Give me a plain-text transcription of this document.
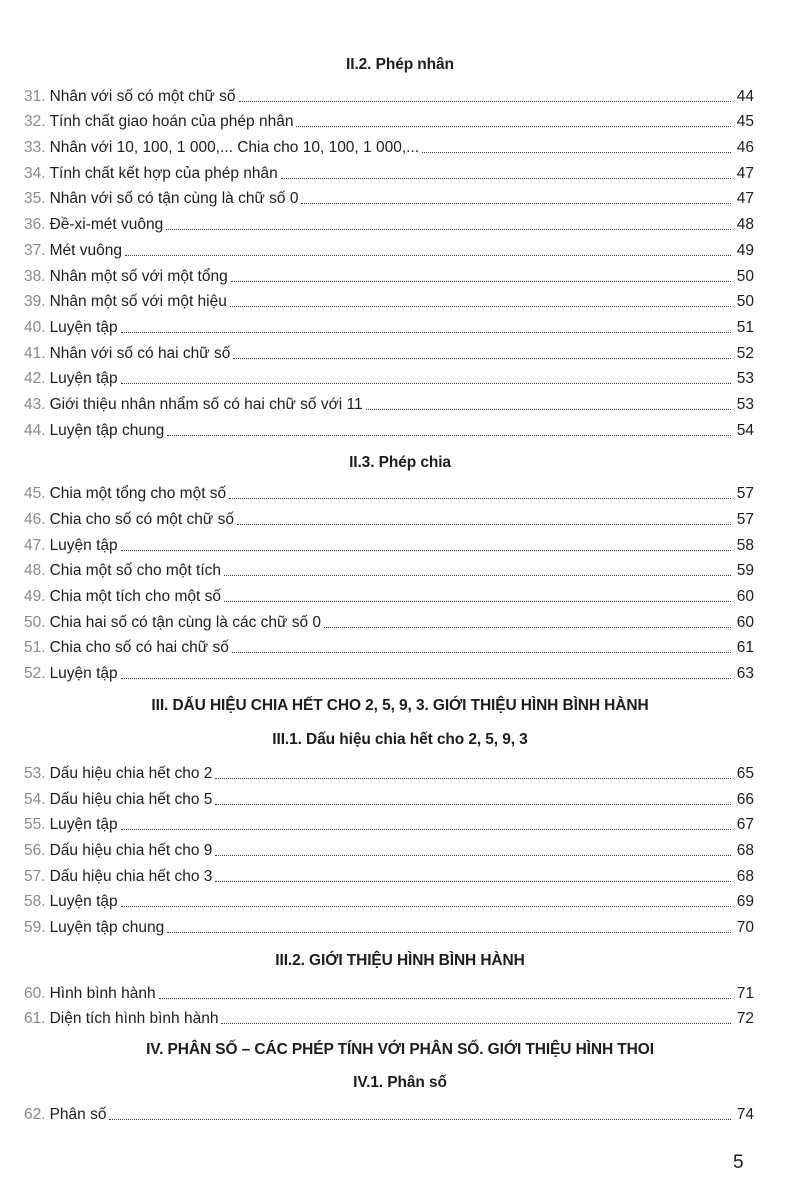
II.2. Phép nhân
31. Nhân với số có một chữ số	44
32. Tính chất giao hoán của phép nhân	45
33. Nhân với 10, 100, 1 000,... Chia cho 10, 100, 1 000,...	46
34. Tính chất kết hợp của phép nhân	47
35. Nhân với số có tận cùng là chữ số 0	47
36. Đề-xi-mét vuông	48
37. Mét vuông	49
38. Nhân một số với một tổng	50
39. Nhân một số với một hiệu	50
40. Luyện tập	51
41. Nhân với số có hai chữ số	52
42. Luyện tập	53
43. Giới thiệu nhân nhẩm số có hai chữ số với 11	53
44. Luyện tập chung	54
II.3. Phép chia
45. Chia một tổng cho một số	57
46. Chia cho số có một chữ số	57
47. Luyện tập	58
48. Chia một số cho một tích	59
49. Chia một tích cho một số	60
50. Chia hai số có tận cùng là các chữ số 0	60
51. Chia cho số có hai chữ số	61
52. Luyện tập	63
III. DẤU HIỆU CHIA HẾT CHO 2, 5, 9, 3. GIỚI THIỆU HÌNH BÌNH HÀNH
III.1. Dấu hiệu chia hết cho 2, 5, 9, 3
53. Dấu hiệu chia hết cho 2	65
54. Dấu hiệu chia hết cho 5	66
55. Luyện tập	67
56. Dấu hiệu chia hết cho 9	68
57. Dấu hiệu chia hết cho 3	68
58. Luyện tập	69
59. Luyện tập chung	70
III.2. GIỚI THIỆU HÌNH BÌNH HÀNH
60. Hình bình hành	71
61. Diện tích hình bình hành	72
IV. PHÂN SỐ – CÁC PHÉP TÍNH VỚI PHÂN SỐ. GIỚI THIỆU HÌNH THOI
IV.1. Phân số
62. Phân số	74
5
